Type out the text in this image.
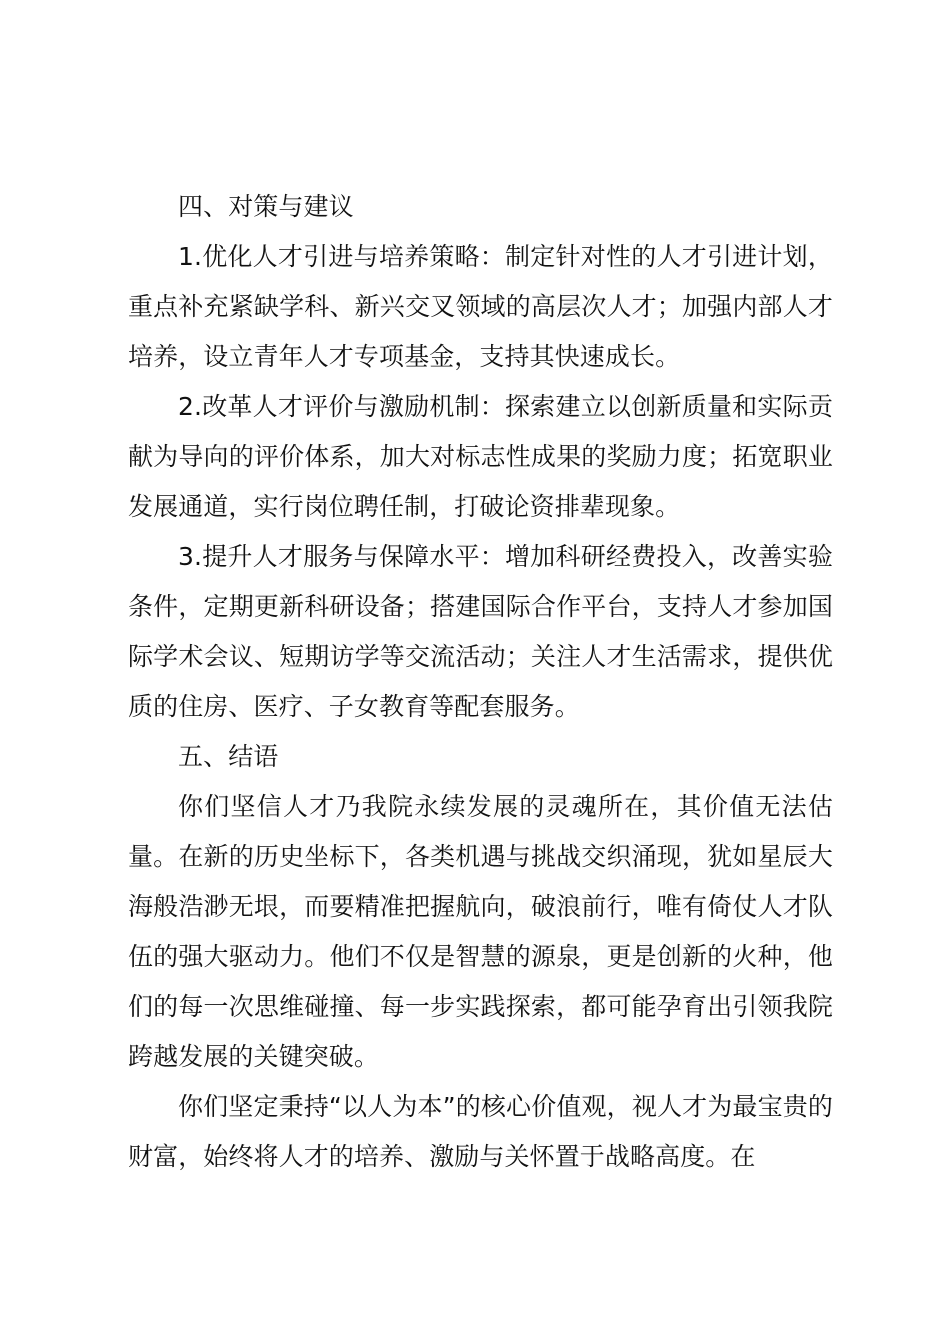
四、对策与建议

1.优化人才引进与培养策略：制定针对性的人才引进计划，重点补充紧缺学科、新兴交叉领域的高层次人才；加强内部人才培养，设立青年人才专项基金，支持其快速成长。

2.改革人才评价与激励机制：探索建立以创新质量和实际贡献为导向的评价体系，加大对标志性成果的奖励力度；拓宽职业发展通道，实行岗位聘任制，打破论资排辈现象。

3.提升人才服务与保障水平：增加科研经费投入，改善实验条件，定期更新科研设备；搭建国际合作平台，支持人才参加国际学术会议、短期访学等交流活动；关注人才生活需求，提供优质的住房、医疗、子女教育等配套服务。

五、结语

你们坚信人才乃我院永续发展的灵魂所在，其价值无法估量。在新的历史坐标下，各类机遇与挑战交织涌现，犹如星辰大海般浩渺无垠，而要精准把握航向，破浪前行，唯有倚仗人才队伍的强大驱动力。他们不仅是智慧的源泉，更是创新的火种，他们的每一次思维碰撞、每一步实践探索，都可能孕育出引领我院跨越发展的关键突破。

你们坚定秉持“以人为本”的核心价值观，视人才为最宝贵的财富，始终将人才的培养、激励与关怀置于战略高度。在
